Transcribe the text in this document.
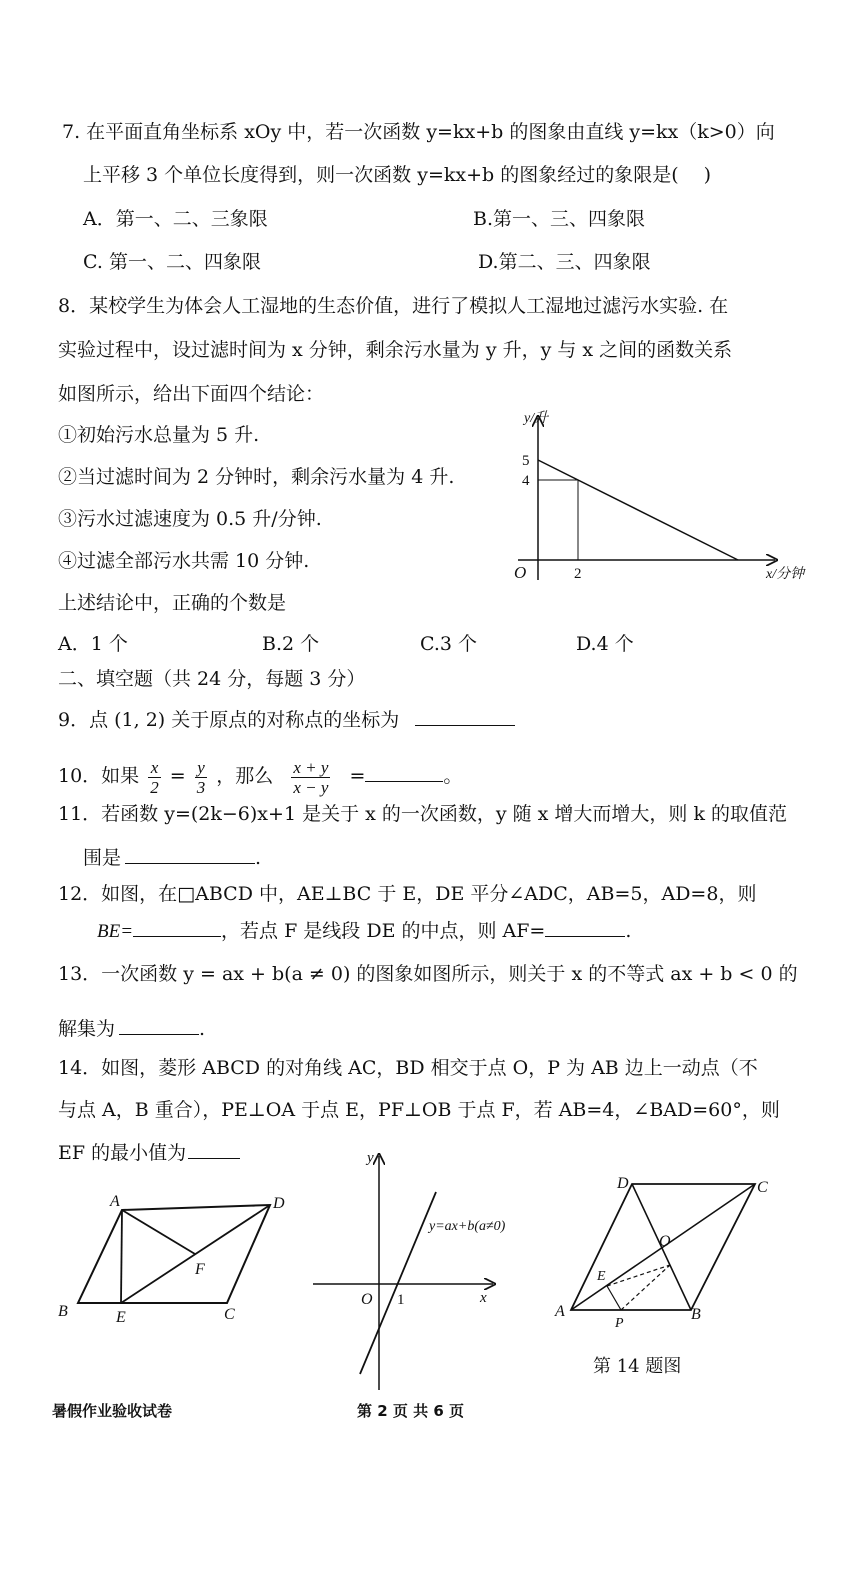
7. 在平面直角坐标系 xOy 中，若一次函数 y=kx+b 的图象由直线 y=kx（k>0）向
上平移 3 个单位长度得到，则一次函数 y=kx+b 的图象经过的象限是(　 )
A．第一、二、三象限	B.第一、三、四象限
C. 第一、二、四象限	D.第二、三、四象限
8．某校学生为体会人工湿地的生态价值，进行了模拟人工湿地过滤污水实验. 在
实验过程中，设过滤时间为 x 分钟，剩余污水量为 y 升，y 与 x 之间的函数关系
如图所示，给出下面四个结论：
①初始污水总量为 5 升.
②当过滤时间为 2 分钟时，剩余污水量为 4 升.
③污水过滤速度为 0.5 升/分钟.
④过滤全部污水共需 10 分钟.
上述结论中，正确的个数是
A．1 个	B.2 个	C.3 个	D.4 个
y/升
x/分钟
O
5
4
2
二、填空题（共 24 分，每题 3 分）
9．点 (1, 2) 关于原点的对称点的坐标为
10．如果 $\frac{x}{2} = \frac{y}{3}$ ，那么 $\frac{x + y}{x - y}$ =	。
11．若函数 y=(2k−6)x+1 是关于 x 的一次函数，y 随 x 增大而增大，则 k 的取值范
围是	.
12．如图，在□ABCD 中，AE⊥BC 于 E，DE 平分∠ADC，AB=5，AD=8，则
BE=	，若点 F 是线段 DE 的中点，则 AF=	.
13．一次函数 y = ax + b(a ≠ 0) 的图象如图所示，则关于 x 的不等式 ax + b < 0 的
解集为	.
14．如图，菱形 ABCD 的对角线 AC，BD 相交于点 O，P 为 AB 边上一动点（不
与点 A，B 重合），PE⊥OA 于点 E，PF⊥OB 于点 F，若 AB=4，∠BAD=60°，则
EF 的最小值为
A	D
B	E	C
F
y
x
O 1
y=ax+b(a≠0)
D	C
A	B
O
E
P
第 14 题图
暑假作业验收试卷	第 2 页 共 6 页
